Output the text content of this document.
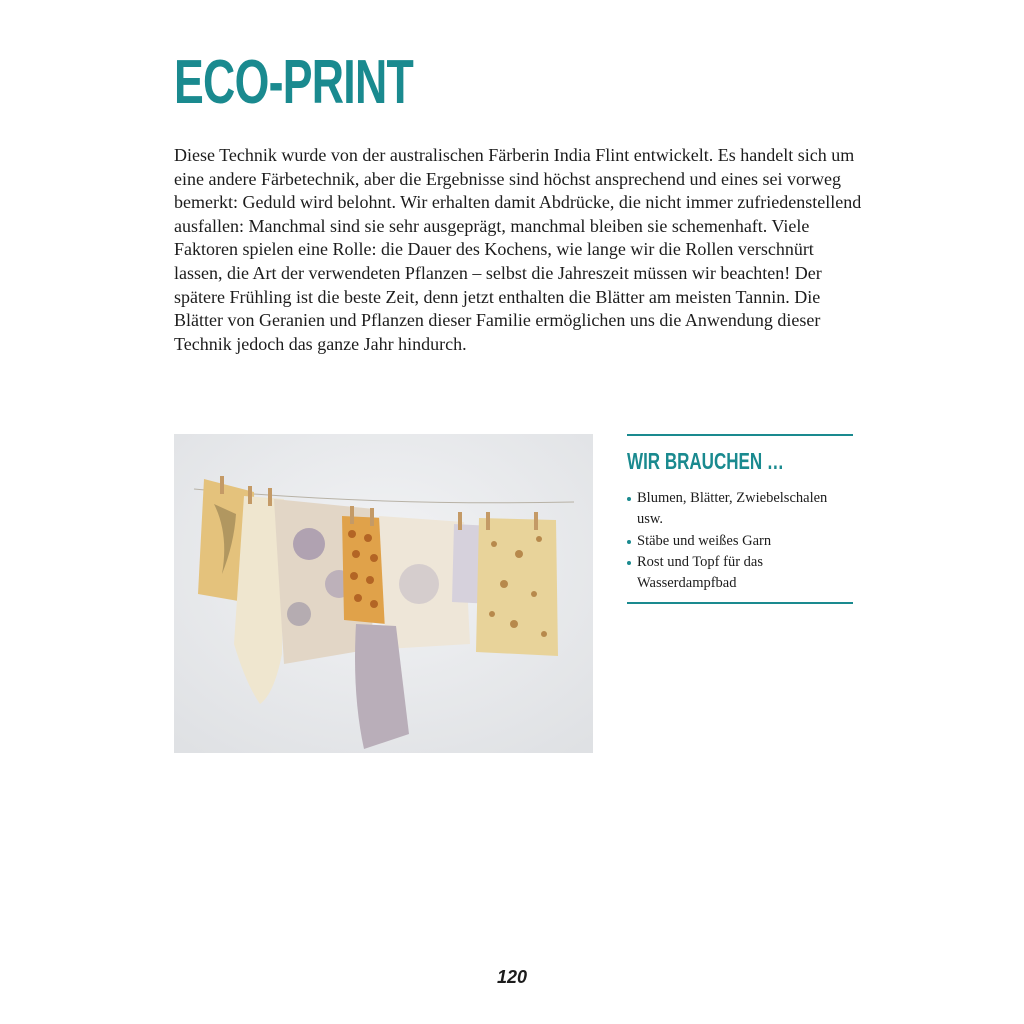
ECO-PRINT

Diese Technik wurde von der australischen Färberin India Flint entwickelt. Es handelt sich um eine andere Färbetechnik, aber die Ergebnisse sind höchst ansprechend und eines sei vorweg bemerkt: Geduld wird belohnt. Wir erhalten damit Abdrücke, die nicht immer zufriedenstellend ausfallen: Manchmal sind sie sehr ausgeprägt, manchmal bleiben sie schemenhaft. Viele Faktoren spielen eine Rolle: die Dauer des Kochens, wie lange wir die Rollen verschnürt lassen, die Art der verwendeten Pflanzen – selbst die Jahreszeit müssen wir beachten! Der spätere Frühling ist die beste Zeit, denn jetzt enthalten die Blätter am meisten Tannin. Die Blätter von Geranien und Pflanzen dieser Familie ermöglichen uns die Anwendung dieser Technik jedoch das ganze Jahr hindurch.

WIR BRAUCHEN …
Blumen, Blätter, Zwiebelschalen usw.
Stäbe und weißes Garn
Rost und Topf für das Wasserdampfbad
120
